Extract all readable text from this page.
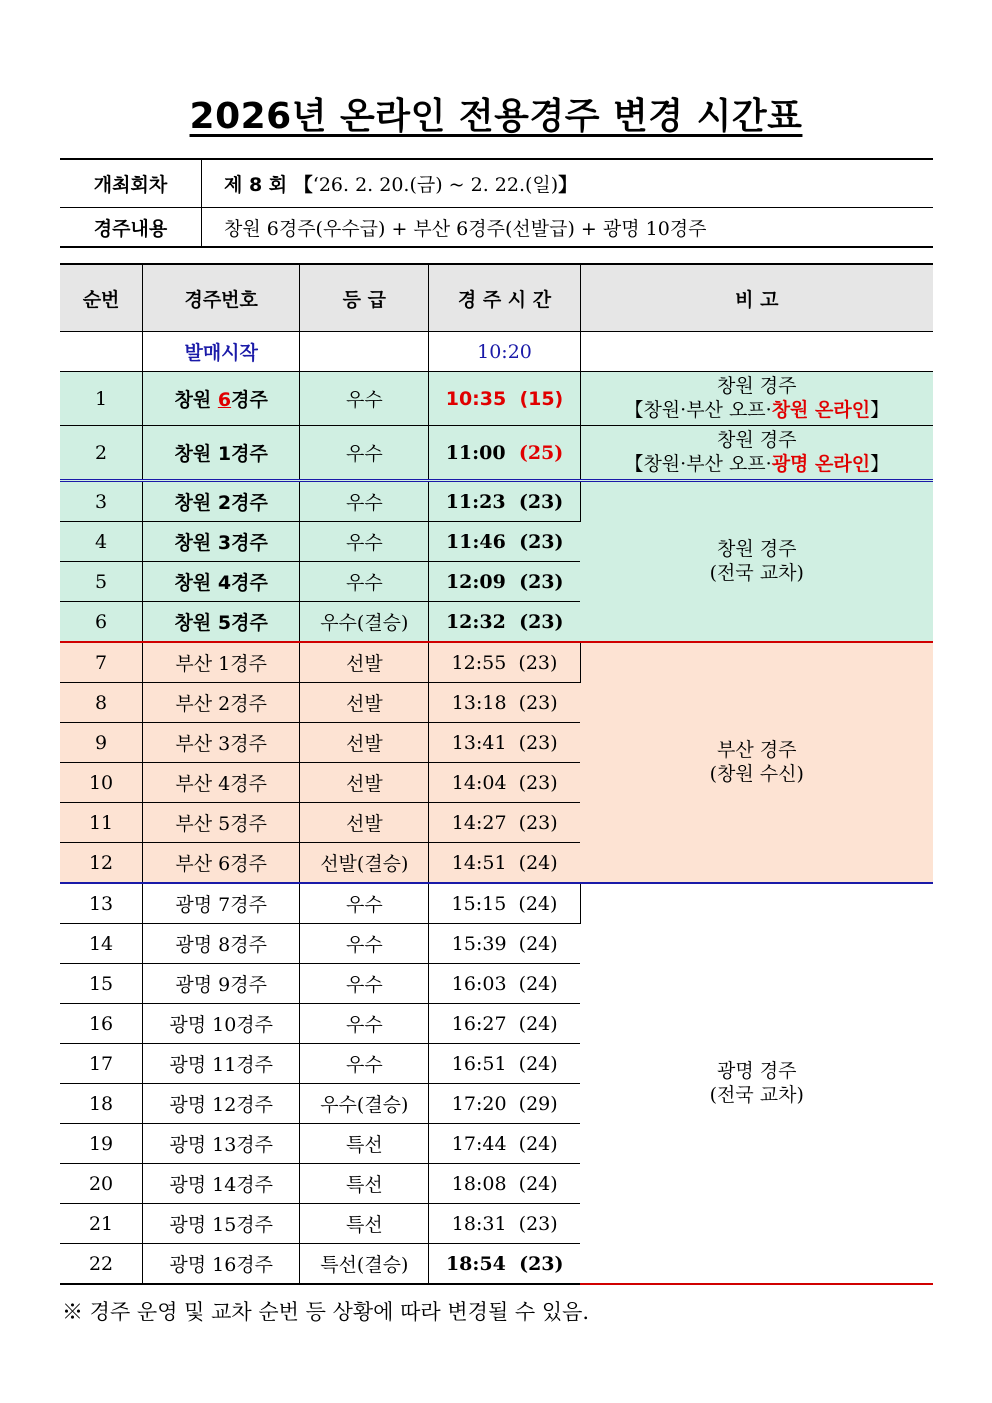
2026년 온라인 전용경주 변경 시간표
개최회차	제 8 회 【‘26. 2. 20.(금) ~ 2. 22.(일)】
경주내용	창원 6경주(우수급) + 부산 6경주(선발급) + 광명 10경주
순번	경주번호	등 급	경 주 시 간	비 고
	발매시작		10:20	
1	창원 6경주	우수	10:35 (15)	창원 경주
【창원·부산 오프·창원 온라인】
2	창원 1경주	우수	11:00 (25)	창원 경주
【창원·부산 오프·광명 온라인】
3	창원 2경주	우수	11:23 (23)	창원 경주
(전국 교차)
4	창원 3경주	우수	11:46 (23)	
5	창원 4경주	우수	12:09 (23)	
6	창원 5경주	우수(결승)	12:32 (23)	
7	부산 1경주	선발	12:55 (23)	부산 경주
(창원 수신)
8	부산 2경주	선발	13:18 (23)	
9	부산 3경주	선발	13:41 (23)	
10	부산 4경주	선발	14:04 (23)	
11	부산 5경주	선발	14:27 (23)	
12	부산 6경주	선발(결승)	14:51 (24)	
13	광명 7경주	우수	15:15 (24)	광명 경주
(전국 교차)
14	광명 8경주	우수	15:39 (24)	
15	광명 9경주	우수	16:03 (24)	
16	광명 10경주	우수	16:27 (24)	
17	광명 11경주	우수	16:51 (24)	
18	광명 12경주	우수(결승)	17:20 (29)	
19	광명 13경주	특선	17:44 (24)	
20	광명 14경주	특선	18:08 (24)	
21	광명 15경주	특선	18:31 (23)	
22	광명 16경주	특선(결승)	18:54 (23)	
※ 경주 운영 및 교차 순번 등 상황에 따라 변경될 수 있음.
